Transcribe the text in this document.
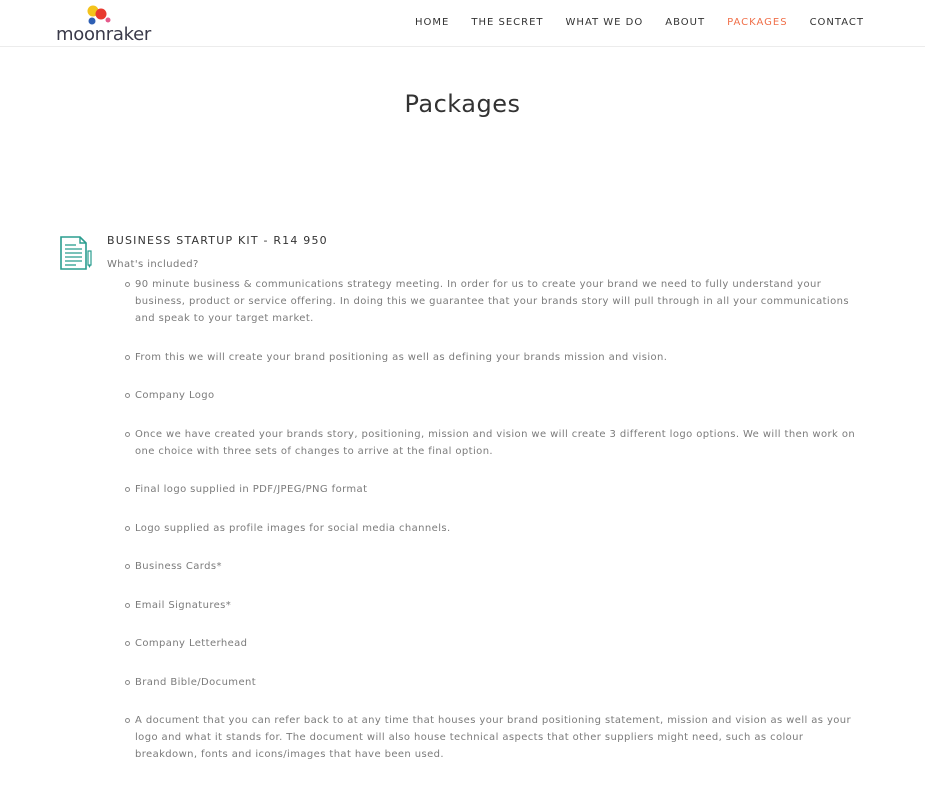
moonraker
HOME THE SECRET WHAT WE DO ABOUT PACKAGES CONTACT
Packages
BUSINESS STARTUP KIT - R14 950
What's included?
90 minute business & communications strategy meeting. In order for us to create your brand we need to fully understand your business, product or service offering. In doing this we guarantee that your brands story will pull through in all your communications and speak to your target market.
From this we will create your brand positioning as well as defining your brands mission and vision.
Company Logo
Once we have created your brands story, positioning, mission and vision we will create 3 different logo options. We will then work on one choice with three sets of changes to arrive at the final option.
Final logo supplied in PDF/JPEG/PNG format
Logo supplied as profile images for social media channels.
Business Cards*
Email Signatures*
Company Letterhead
Brand Bible/Document
A document that you can refer back to at any time that houses your brand positioning statement, mission and vision as well as your logo and what it stands for. The document will also house technical aspects that other suppliers might need, such as colour breakdown, fonts and icons/images that have been used.
